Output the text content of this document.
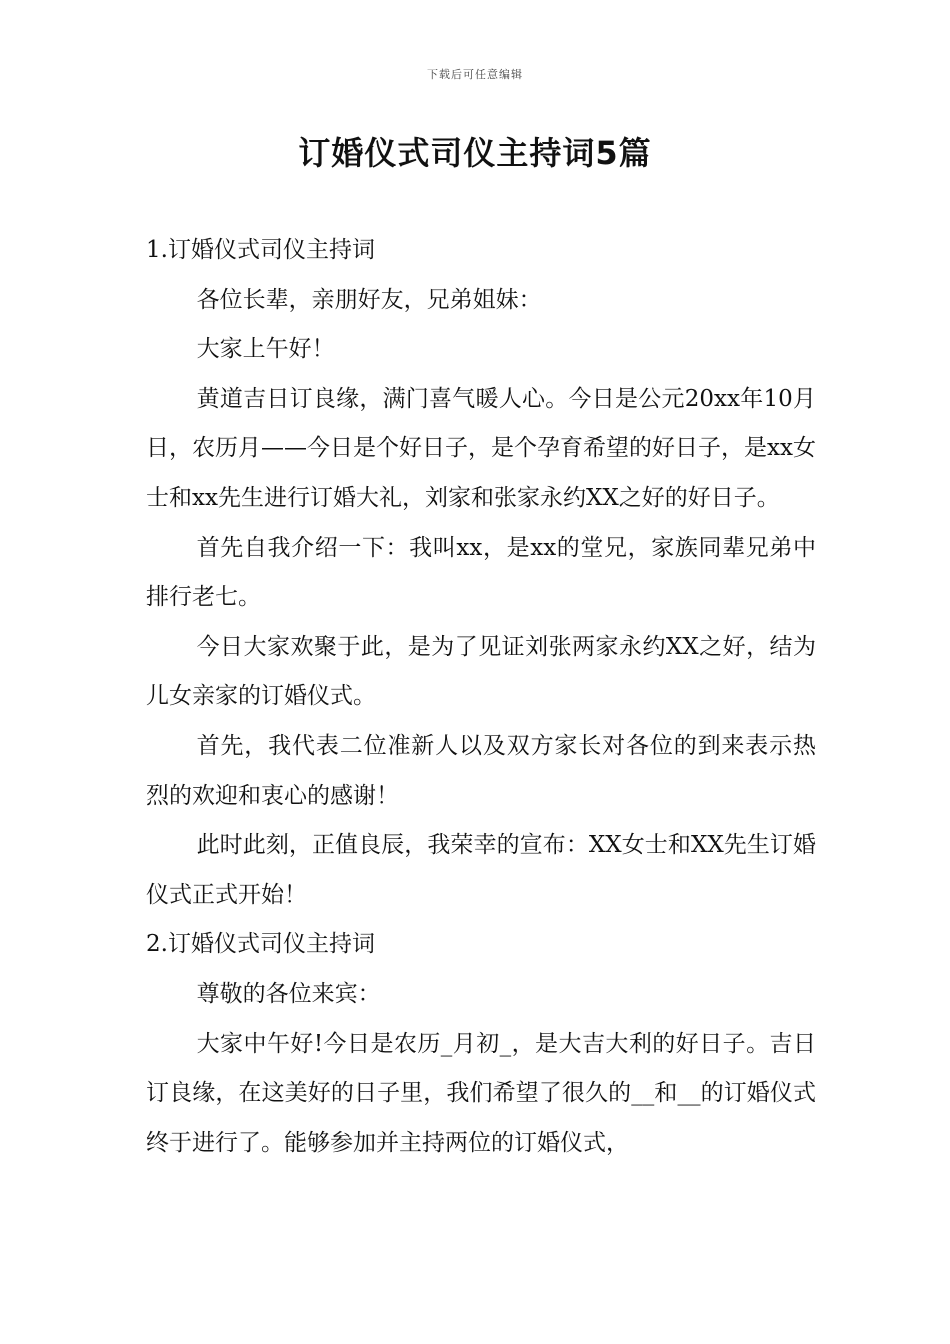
下载后可任意编辑
订婚仪式司仪主持词5篇

1.订婚仪式司仪主持词

各位长辈，亲朋好友，兄弟姐妹：

大家上午好！

黄道吉日订良缘，满门喜气暖人心。今日是公元20xx年10月日，农历月——今日是个好日子，是个孕育希望的好日子，是xx女士和xx先生进行订婚大礼，刘家和张家永约XX之好的好日子。

首先自我介绍一下：我叫xx，是xx的堂兄，家族同辈兄弟中排行老七。

今日大家欢聚于此，是为了见证刘张两家永约XX之好，结为儿女亲家的订婚仪式。

首先，我代表二位准新人以及双方家长对各位的到来表示热烈的欢迎和衷心的感谢！

此时此刻，正值良辰，我荣幸的宣布：XX女士和XX先生订婚仪式正式开始！

2.订婚仪式司仪主持词

尊敬的各位来宾：

大家中午好!今日是农历_月初_，是大吉大利的好日子。吉日订良缘，在这美好的日子里，我们希望了很久的__和__的订婚仪式终于进行了。能够参加并主持两位的订婚仪式，
